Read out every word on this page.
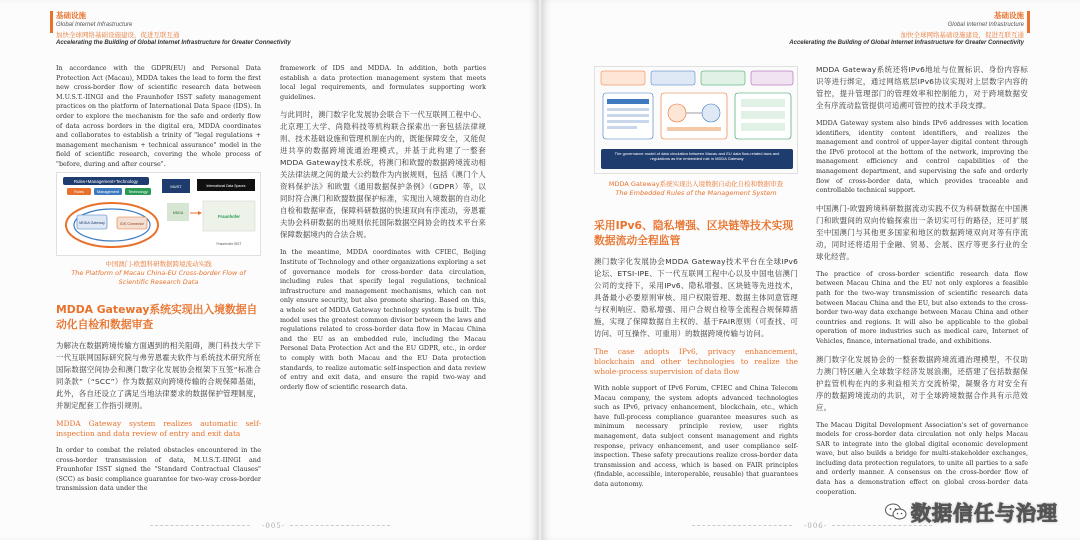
基础设施
Global Internet Infrastructure
加快全球网络基础设施建设，促进互联互通
Accelerating the Building of Global Internet Infrastructure for Greater Connectivity

In accordance with the GDPR(EU) and Personal Data Protection Act (Macau), MDDA takes the lead to form the first new cross-border flow of scientific research data between M.U.S.T.-IINGI and the Fraunhofer ISST safety management practices on the platform of International Data Space (IDS). In order to explore the mechanism for the safe and orderly flow of data across borders in the digital era, MDDA coordinates and collaborates to establish a trinity of "legal regulations + management mechanism + technical assurance" model in the field of scientific research, covering the whole process of "before, during and after course".

Rules+Management+Technology
Rules	Management Technology
MDDA Gateway	IDS Connector
MUST	International Data Spaces
MDDA
Fraunhofer
Fraunhofer ISST
中国澳门-欧盟科研数据跨境流动实践
The Platform of Macau China-EU Cross-border Flow of Scientific Research Data
MDDA Gateway系统实现出入境数据自动化自检和数据审查

为解决在数据跨境传输方面遇到的相关阻碍，澳门科技大学下一代互联网国际研究院与弗劳恩霍夫软件与系统技术研究所在国际数据空间协会和澳门数字化发展协会框架下互签“标准合同条款”（“SCC”）作为数据双向跨境传输的合规保障基础，此外，各自还设立了满足当地法律要求的数据保护管理制度，并制定配套工作指引规则。

MDDA Gateway system realizes automatic self-inspection and data review of entry and exit data

In order to combat the related obstacles encountered in the cross-border transmission of data, M.U.S.T.-IINGI and Fraunhofer ISST signed the "Standard Contractual Clauses" (SCC) as basic compliance guarantee for two-way cross-border transmission data under the

framework of IDS and MDDA. In addition, both parties establish a data protection management system that meets local legal requirements, and formulates supporting work guidelines.

与此同时，澳门数字化发展协会联合下一代互联网工程中心、北京理工大学、尚隐科技等机构联合探索出一套包括法律规则、技术基础设施和管理机制在内的，既能保障安全，又能促进共享的数据跨境流通治理模式，并基于此构建了一整套MDDA Gateway技术系统，将澳门和欧盟的数据跨境流动相关法律法规之间的最大公约数作为内嵌规则，包括《澳门个人资料保护法》和欧盟《通用数据保护条例》（GDPR）等，以同时符合澳门和欧盟数据保护标准，实现出入境数据的自动化自检和数据审查，保障科研数据的快速双向有序流动，旁恩霍夫协会科研数据的出境则依托国际数据空间协会的技术平台来保障数据境内的合法合规。

In the meantime, MDDA coordinates with CFIEC, Beijing Institute of Technology and other organizations exploring a set of governance models for cross-border data circulation, including rules that specify legal regulations, technical infrastructure and management mechanisms, which can not only ensure security, but also promote sharing. Based on this, a whole set of MDDA Gateway technology system is built. The model uses the greatest common divisor between the laws and regulations related to cross-border data flow in Macau China and the EU as an embedded rule, including the Macau Personal Data Protection Act and the EU GDPR, etc., in order to comply with both Macau and the EU Data protection standards, to realize automatic self-inspection and data review of entry and exit data, and ensure the rapid two-way and orderly flow of scientific research data.

-005-
基础设施
Global Internet Infrastructure
加快全球网络基础设施建设，促进互联互通
Accelerating the Building of Global Internet Infrastructure for Greater Connectivity
The governance model of data circulation between Macau and EU data flow-related laws and regulations as the embedded rule in MDDA Gateway
MDDA Gateway系统实现出入境数据自动化自检和数据审查
The Embedded Rules of the Management System
采用IPv6、隐私增强、区块链等技术实现数据流动全程监管

澳门数字化发展协会MDDA Gateway技术平台在全球IPv6论坛、ETSI-IPE、下一代互联网工程中心以及中国电信澳门公司的支持下，采用IPv6、隐私增强、区块链等先进技术，具备最小必要原则审核、用户权限管理、数据主体同意管理与权利响应、隐私增强、用户合规自检等全流程合规保障措施，实现了保障数据自主权的、基于FAIR原则（可查找、可访问、可互操作、可重用）的数据跨境传输与访问。

The case adopts IPv6, privacy enhancement, blockchain and other technologies to realize the whole-process supervision of data flow

With noble support of IPv6 Forum, CFIEC and China Telecom Macau company, the system adopts advanced technologies such as IPv6, privacy enhancement, blockchain, etc., which have full-process compliance guarantee measures such as minimum necessary principle review, user rights management, data subject consent management and rights response, privacy enhancement, and user compliance self-inspection. These safety precautions realize cross-border data transmission and access, which is based on FAIR principles (findable, accessible, interoperable, reusable) that guarantees data autonomy.

MDDA Gateway系统还将IPv6地址与位置标识、身份内容标识等进行绑定，通过网络底层IPv6协议实现对上层数字内容的管控，提升管理部门的管理效率和控制能力，对于跨境数据安全有序流动监管提供可追溯可管控的技术手段支撑。

MDDA Gateway system also binds IPv6 addresses with location identifiers, identity content identifiers, and realizes the management and control of upper-layer digital content through the IPv6 protocol at the bottom of the network, improving the management efficiency and control capabilities of the management department, and supervising the safe and orderly flow of cross-border data, which provides traceable and controllable technical support.

中国澳门-欧盟跨境科研数据流动实践不仅为科研数据在中国澳门和欧盟间的双向传输探索出一条切实可行的路径，还可扩展至中国澳门与其他更多国家和地区的数据跨境双向对等有序流动，同时还将适用于金融、贸易、会展、医疗等更多行业的全球化经营。

The practice of cross-border scientific research data flow between Macau China and the EU not only explores a feasible path for the two-way transmission of scientific research data between Macau China and the EU, but also extends to the cross-border two-way data exchange between Macau China and other countries and regions. It will also be applicable to the global operation of more industries such as medical care, Internet of Vehicles, finance, international trade, and exhibitions.

澳门数字化发展协会的一整套数据跨境流通治理模型，不仅助力澳门特区融入全球数字经济发展浪潮，还搭建了包括数据保护监管机构在内的多利益相关方交流桥梁，凝聚各方对安全有序的数据跨境流动的共识，对于全球跨境数据合作具有示范效应。

The Macau Digital Development Association's set of governance models for cross-border data circulation not only helps Macau SAR to integrate into the global digital economic development wave, but also builds a bridge for multi-stakeholder exchanges, including data protection regulators, to unite all parties to a safe and orderly manner. A consensus on the cross-border flow of data has a demonstration effect on global cross-border data cooperation.

-006-
数据信任与治理
